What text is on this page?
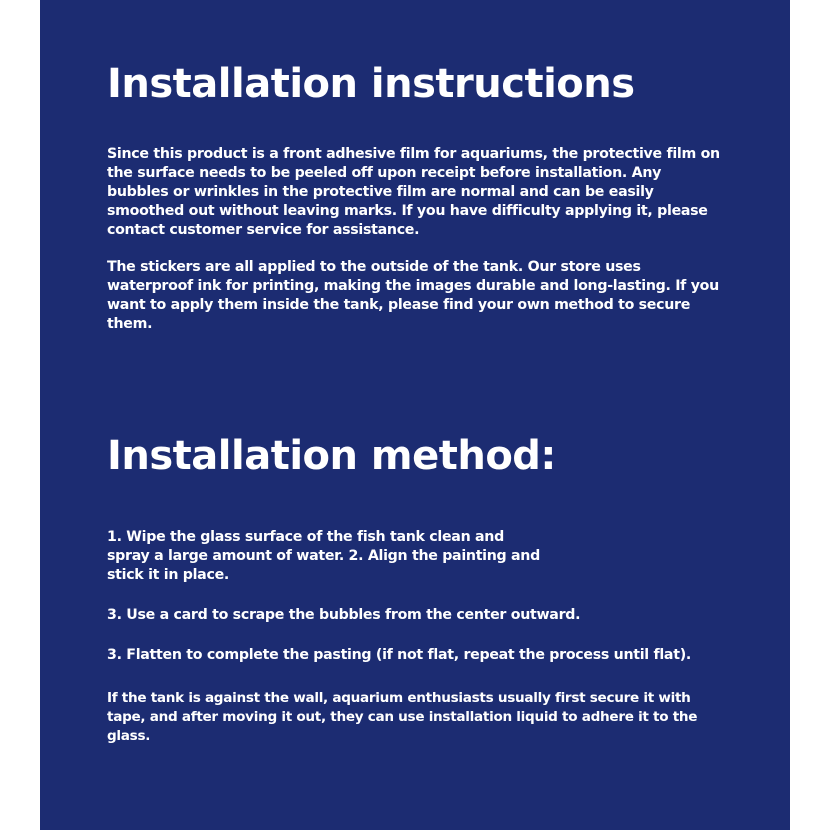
Installation instructions

Since this product is a front adhesive film for aquariums, the protective film on the surface needs to be peeled off upon receipt before installation. Any bubbles or wrinkles in the protective film are normal and can be easily smoothed out without leaving marks. If you have difficulty applying it, please contact customer service for assistance.

The stickers are all applied to the outside of the tank. Our store uses waterproof ink for printing, making the images durable and long-lasting. If you want to apply them inside the tank, please find your own method to secure them.

Installation method:

1. Wipe the glass surface of the fish tank clean and spray a large amount of water. 2. Align the painting and stick it in place.

3. Use a card to scrape the bubbles from the center outward.

3. Flatten to complete the pasting (if not flat, repeat the process until flat).

If the tank is against the wall, aquarium enthusiasts usually first secure it with tape, and after moving it out, they can use installation liquid to adhere it to the glass.
